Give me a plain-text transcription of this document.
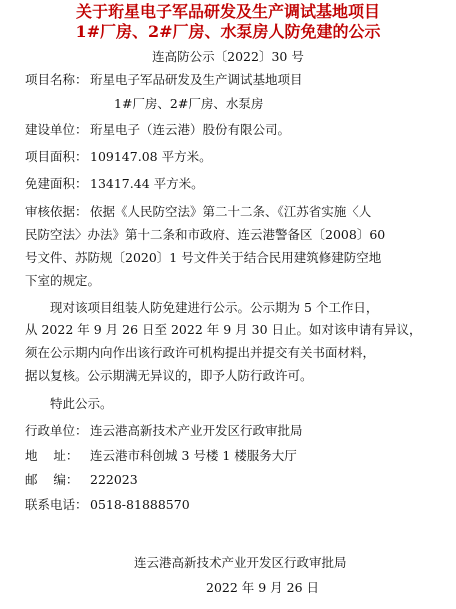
关于珩星电子军品研发及生产调试基地项目
1#厂房、2#厂房、水泵房人防免建的公示
连高防公示〔2022〕30 号
项目名称： 珩星电子军品研发及生产调试基地项目
1#厂房、2#厂房、水泵房
建设单位： 珩星电子（连云港）股份有限公司。
项目面积： 109147.08 平方米。
免建面积： 13417.44 平方米。
审核依据： 依据《人民防空法》第二十二条、《江苏省实施〈人
民防空法〉办法》第十二条和市政府、连云港警备区〔2008〕60
号文件、苏防规〔2020〕1 号文件关于结合民用建筑修建防空地
下室的规定。
现对该项目组装人防免建进行公示。公示期为 5 个工作日，
从 2022 年 9 月 26 日至 2022 年 9 月 30 日止。如对该申请有异议，
须在公示期内向作出该行政许可机构提出并提交有关书面材料，
据以复核。公示期满无异议的，即予人防行政许可。
特此公示。
行政单位： 连云港高新技术产业开发区行政审批局
地    址： 连云港市科创城 3 号楼 1 楼服务大厅
邮    编： 222023
联系电话： 0518-81888570
连云港高新技术产业开发区行政审批局
2022 年 9 月 26 日
